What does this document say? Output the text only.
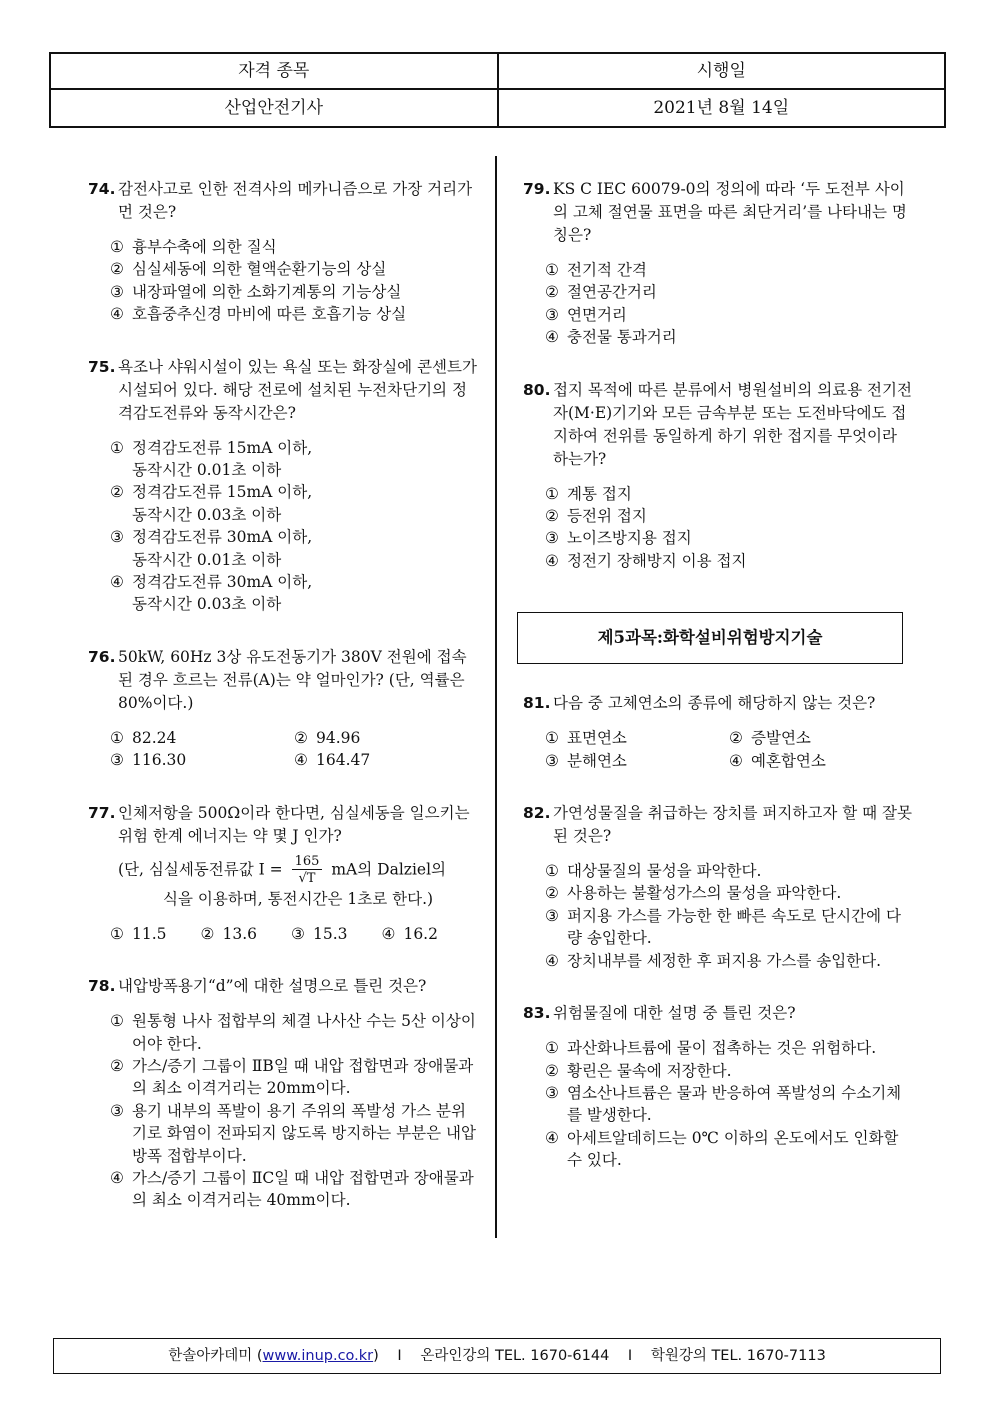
자격 종목	시행일
산업안전기사	2021년 8월 14일
74. 감전사고로 인한 전격사의 메카니즘으로 가장 거리가 먼 것은?
① 흉부수축에 의한 질식
② 심실세동에 의한 혈액순환기능의 상실
③ 내장파열에 의한 소화기계통의 기능상실
④ 호흡중추신경 마비에 따른 호흡기능 상실
75. 욕조나 샤워시설이 있는 욕실 또는 화장실에 콘센트가 시설되어 있다. 해당 전로에 설치된 누전차단기의 정격감도전류와 동작시간은?
① 정격감도전류 15mA 이하,
동작시간 0.01초 이하
② 정격감도전류 15mA 이하,
동작시간 0.03초 이하
③ 정격감도전류 30mA 이하,
동작시간 0.01초 이하
④ 정격감도전류 30mA 이하,
동작시간 0.03초 이하
76. 50kW, 60Hz 3상 유도전동기가 380V 전원에 접속된 경우 흐르는 전류(A)는 약 얼마인가? (단, 역률은 80%이다.)
① 82.24	② 94.96
③ 116.30	④ 164.47
77. 인체저항을 500Ω이라 한다면, 심실세동을 일으키는 위험 한계 에너지는 약 몇 J 인가?
(단, 심실세동전류값 $I = \frac{165}{√T}$ mA의 Dalziel의
식을 이용하며, 통전시간은 1초로 한다.)
① 11.5 ② 13.6 ③ 15.3 ④ 16.2
78. 내압방폭용기“d”에 대한 설명으로 틀린 것은?
① 원통형 나사 접합부의 체결 나사산 수는 5산 이상이어야 한다.
② 가스/증기 그룹이 ⅡB일 때 내압 접합면과 장애물과의 최소 이격거리는 20mm이다.
③ 용기 내부의 폭발이 용기 주위의 폭발성 가스 분위기로 화염이 전파되지 않도록 방지하는 부분은 내압방폭 접합부이다.
④ 가스/증기 그룹이 ⅡC일 때 내압 접합면과 장애물과의 최소 이격거리는 40mm이다.
79. KS C IEC 60079-0의 정의에 따라 ‘두 도전부 사이의 고체 절연물 표면을 따른 최단거리’를 나타내는 명칭은?
① 전기적 간격
② 절연공간거리
③ 연면거리
④ 충전물 통과거리
80. 접지 목적에 따른 분류에서 병원설비의 의료용 전기전자(M·E)기기와 모든 금속부분 또는 도전바닥에도 접지하여 전위를 동일하게 하기 위한 접지를 무엇이라 하는가?
① 계통 접지
② 등전위 접지
③ 노이즈방지용 접지
④ 정전기 장해방지 이용 접지
제5과목:화학설비위험방지기술
81. 다음 중 고체연소의 종류에 해당하지 않는 것은?
① 표면연소	② 증발연소
③ 분해연소	④ 예혼합연소
82. 가연성물질을 취급하는 장치를 퍼지하고자 할 때 잘못된 것은?
① 대상물질의 물성을 파악한다.
② 사용하는 불활성가스의 물성을 파악한다.
③ 퍼지용 가스를 가능한 한 빠른 속도로 단시간에 다량 송입한다.
④ 장치내부를 세정한 후 퍼지용 가스를 송입한다.
83. 위험물질에 대한 설명 중 틀린 것은?
① 과산화나트륨에 물이 접촉하는 것은 위험하다.
② 황린은 물속에 저장한다.
③ 염소산나트륨은 물과 반응하여 폭발성의 수소기체를 발생한다.
④ 아세트알데히드는 0℃ 이하의 온도에서도 인화할 수 있다.
한솔아카데미 (www.inup.co.kr) I 온라인강의 TEL. 1670-6144 I 학원강의 TEL. 1670-7113
